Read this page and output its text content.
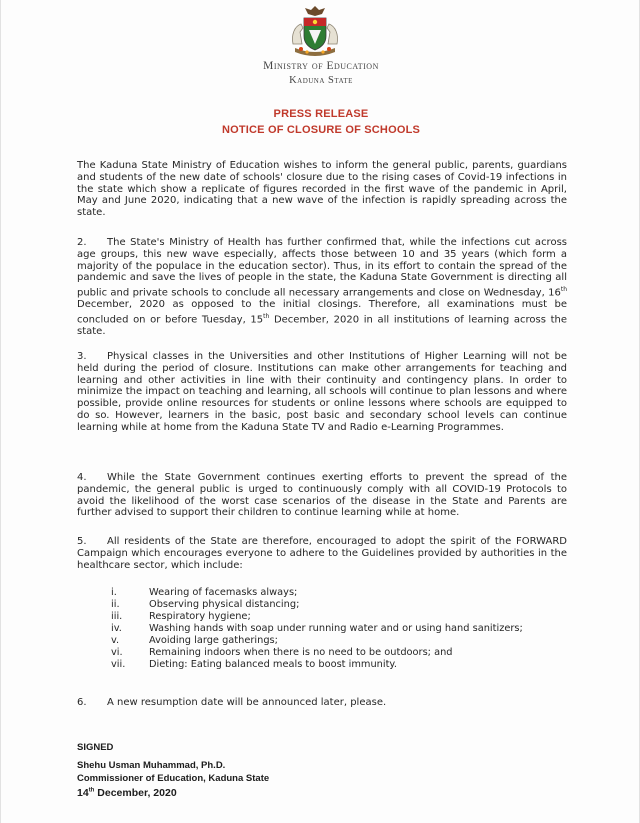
Ministry of Education
Kaduna State
PRESS RELEASE
NOTICE OF CLOSURE OF SCHOOLS

The Kaduna State Ministry of Education wishes to inform the general public, parents, guardians and students of the new date of schools' closure due to the rising cases of Covid-19 infections in the state which show a replicate of figures recorded in the first wave of the pandemic in April, May and June 2020, indicating that a new wave of the infection is rapidly spreading across the state.

2. The State's Ministry of Health has further confirmed that, while the infections cut across age groups, this new wave especially, affects those between 10 and 35 years (which form a majority of the populace in the education sector). Thus, in its effort to contain the spread of the pandemic and save the lives of people in the state, the Kaduna State Government is directing all public and private schools to conclude all necessary arrangements and close on Wednesday, 16th December, 2020 as opposed to the initial closings. Therefore, all examinations must be concluded on or before Tuesday, 15th December, 2020 in all institutions of learning across the state.

3. Physical classes in the Universities and other Institutions of Higher Learning will not be held during the period of closure. Institutions can make other arrangements for teaching and learning and other activities in line with their continuity and contingency plans. In order to minimize the impact on teaching and learning, all schools will continue to plan lessons and where possible, provide online resources for students or online lessons where schools are equipped to do so. However, learners in the basic, post basic and secondary school levels can continue learning while at home from the Kaduna State TV and Radio e-Learning Programmes.

4. While the State Government continues exerting efforts to prevent the spread of the pandemic, the general public is urged to continuously comply with all COVID-19 Protocols to avoid the likelihood of the worst case scenarios of the disease in the State and Parents are further advised to support their children to continue learning while at home.

5. All residents of the State are therefore, encouraged to adopt the spirit of the FORWARD Campaign which encourages everyone to adhere to the Guidelines provided by authorities in the healthcare sector, which include:

i.	Wearing of facemasks always;
ii.	Observing physical distancing;
iii.	Respiratory hygiene;
iv.	Washing hands with soap under running water and or using hand sanitizers;
v.	Avoiding large gatherings;
vi.	Remaining indoors when there is no need to be outdoors; and
vii.	Dieting: Eating balanced meals to boost immunity.

6. A new resumption date will be announced later, please.

SIGNED
Shehu Usman Muhammad, Ph.D.
Commissioner of Education, Kaduna State
14th December, 2020
